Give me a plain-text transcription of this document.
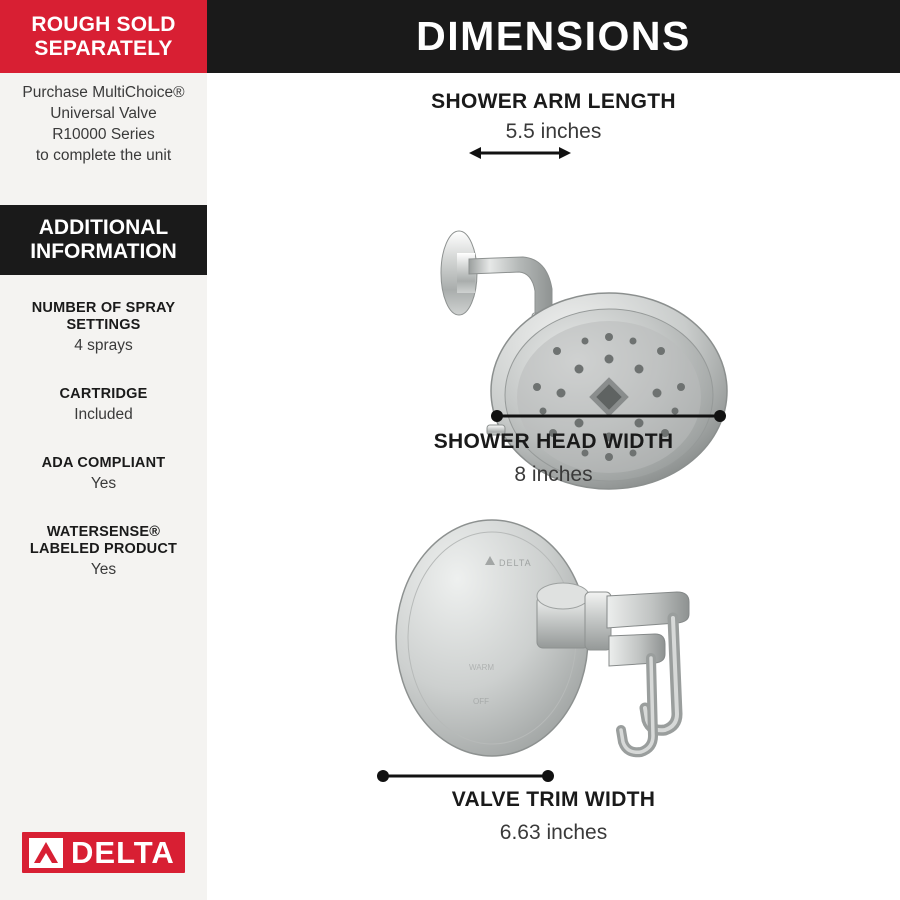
ROUGH SOLD
SEPARATELY
Purchase MultiChoice®
Universal Valve
R10000 Series
to complete the unit
ADDITIONAL
INFORMATION
NUMBER OF SPRAY
SETTINGS
4 sprays
CARTRIDGE
Included
ADA COMPLIANT
Yes
WATERSENSE®
LABELED PRODUCT
Yes
DELTA
DIMENSIONS
SHOWER ARM LENGTH
5.5 inches
SHOWER HEAD WIDTH
8 inches
DELTA
WARM
OFF
VALVE TRIM WIDTH
6.63 inches
